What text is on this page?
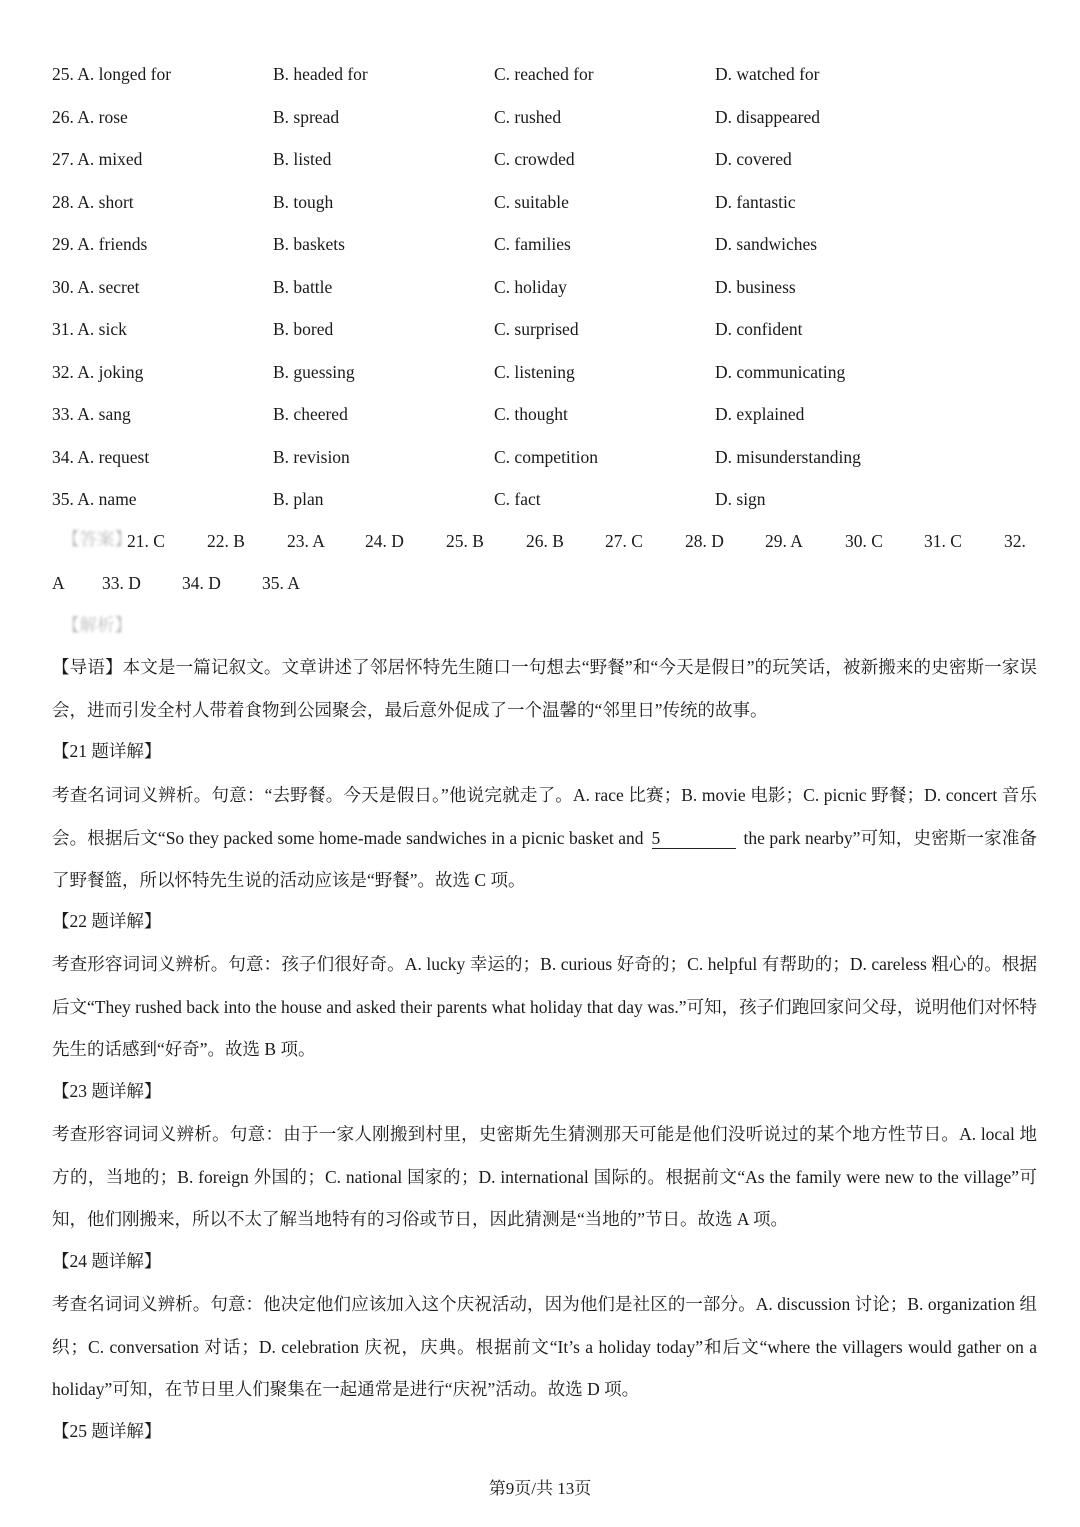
25. A. longed for	B. headed for	C. reached for	D. watched for
26. A. rose	B. spread	C. rushed	D. disappeared
27. A. mixed	B. listed	C. crowded	D. covered
28. A. short	B. tough	C. suitable	D. fantastic
29. A. friends	B. baskets	C. families	D. sandwiches
30. A. secret	B. battle	C. holiday	D. business
31. A. sick	B. bored	C. surprised	D. confident
32. A. joking	B. guessing	C. listening	D. communicating
33. A. sang	B. cheered	C. thought	D. explained
34. A. request	B. revision	C. competition	D. misunderstanding
35. A. name	B. plan	C. fact	D. sign
【答案】
21. C 22. B 23. A 24. D 25. B 26. B 27. C 28. D 29. A 30. C 31. C 32.
A 33. D 34. D 35. A
【解析】
【导语】本文是一篇记叙文。文章讲述了邻居怀特先生随口一句想去“野餐”和“今天是假日”的玩笑话，被新搬来的史密斯一家误会，进而引发全村人带着食物到公园聚会，最后意外促成了一个温馨的“邻里日”传统的故事。
【21 题详解】
考查名词词义辨析。句意：“去野餐。今天是假日。”他说完就走了。A. race 比赛；B. movie 电影；C. picnic 野餐；D. concert 音乐会。根据后文“So they packed some home-made sandwiches in a picnic basket and 5	the park nearby”可知，史密斯一家准备了野餐篮，所以怀特先生说的活动应该是“野餐”。故选 C 项。
【22 题详解】
考查形容词词义辨析。句意：孩子们很好奇。A. lucky 幸运的；B. curious 好奇的；C. helpful 有帮助的；D. careless 粗心的。根据后文“They rushed back into the house and asked their parents what holiday that day was.”可知，孩子们跑回家问父母，说明他们对怀特先生的话感到“好奇”。故选 B 项。
【23 题详解】
考查形容词词义辨析。句意：由于一家人刚搬到村里，史密斯先生猜测那天可能是他们没听说过的某个地方性节日。A. local 地方的，当地的；B. foreign 外国的；C. national 国家的；D. international 国际的。根据前文“As the family were new to the village”可知，他们刚搬来，所以不太了解当地特有的习俗或节日，因此猜测是“当地的”节日。故选 A 项。
【24 题详解】
考查名词词义辨析。句意：他决定他们应该加入这个庆祝活动，因为他们是社区的一部分。A. discussion 讨论；B. organization 组织；C. conversation 对话；D. celebration 庆祝，庆典。根据前文“It’s a holiday today”和后文“where the villagers would gather on a holiday”可知，在节日里人们聚集在一起通常是进行“庆祝”活动。故选 D 项。
【25 题详解】
第9页/共 13页
